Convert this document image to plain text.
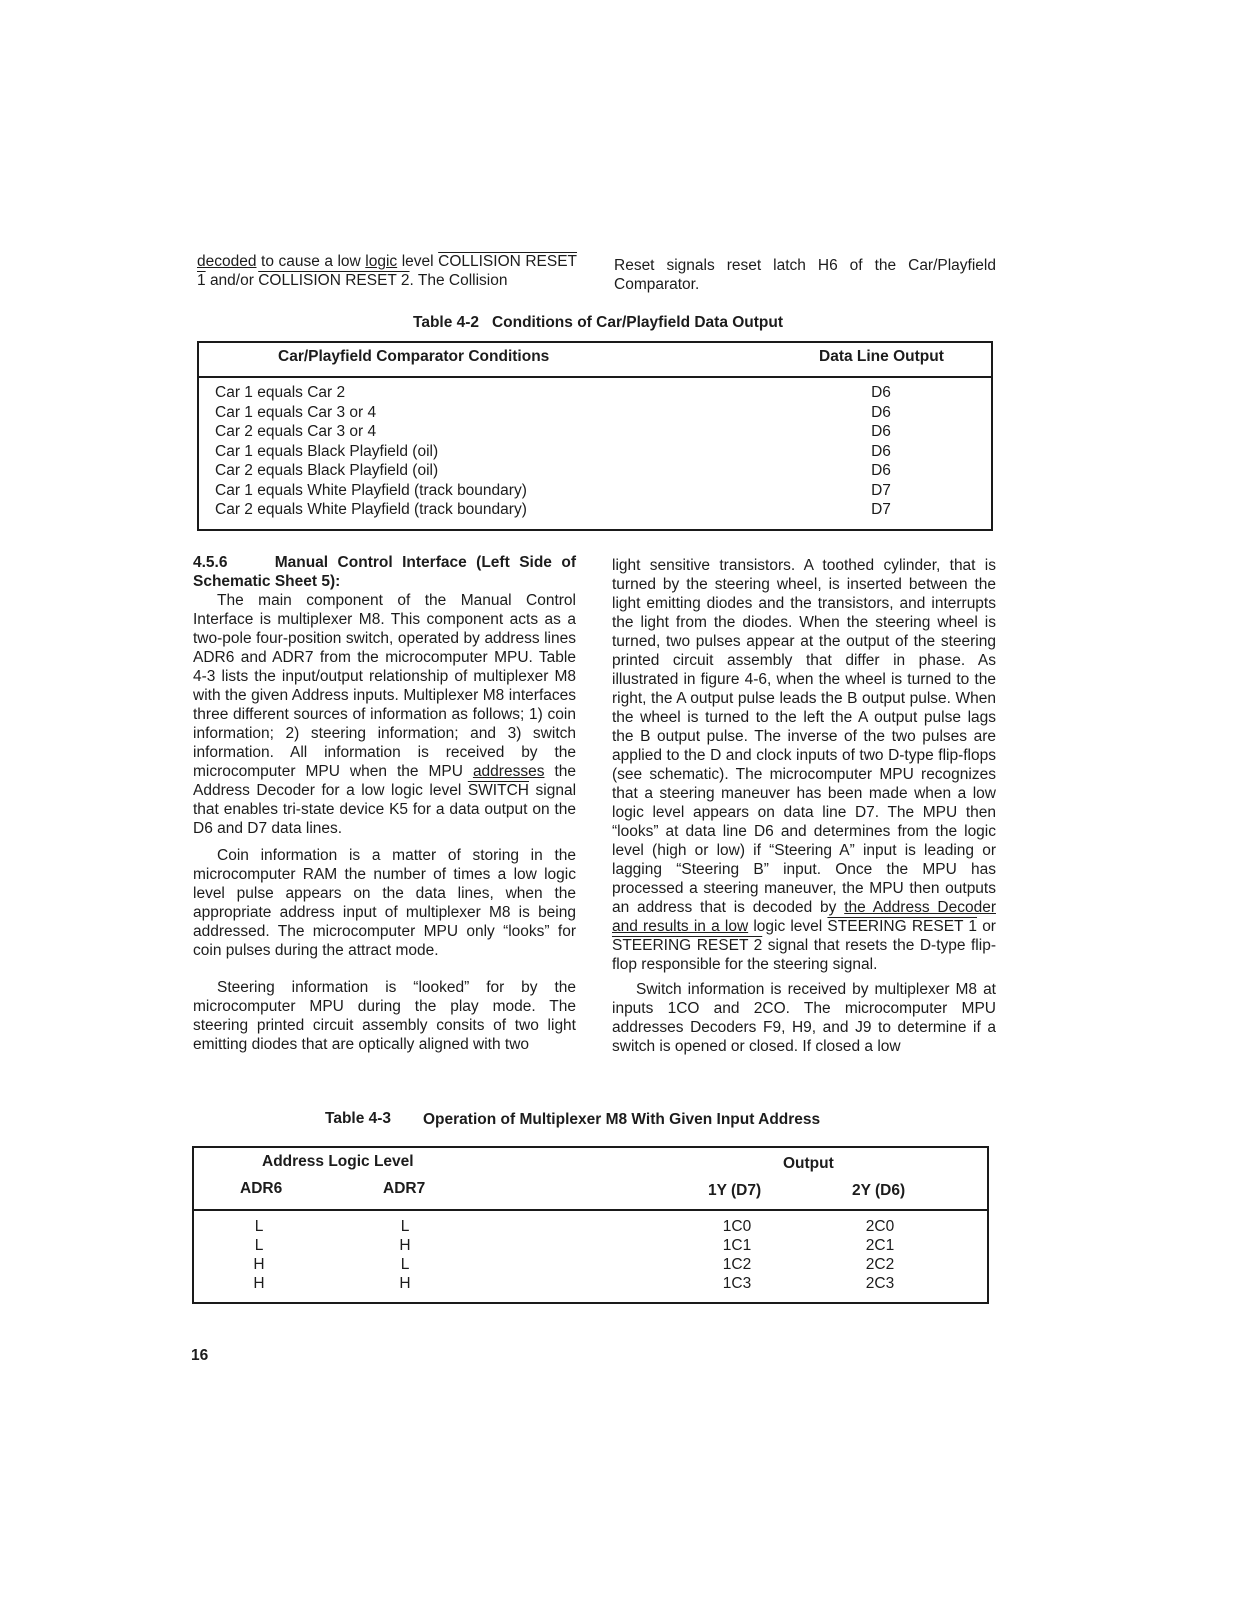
decoded to cause a low logic level COLLISION RESET 1 and/or COLLISION RESET 2. The Collision

Reset signals reset latch H6 of the Car/Playfield Comparator.
Table 4-2   Conditions of Car/Playfield Data Output
Car/Playfield Comparator Conditions	Data Line Output
Car 1 equals Car 2	D6
Car 1 equals Car 3 or 4	D6
Car 2 equals Car 3 or 4	D6
Car 1 equals Black Playfield (oil)	D6
Car 2 equals Black Playfield (oil)	D6
Car 1 equals White Playfield (track boundary)	D7
Car 2 equals White Playfield (track boundary)	D7

4.5.6     Manual Control Interface (Left Side of Schematic Sheet 5):

The main component of the Manual Control Interface is multiplexer M8. This component acts as a two-pole four-position switch, operated by address lines ADR6 and ADR7 from the microcomputer MPU. Table 4-3 lists the input/output relationship of multiplexer M8 with the given Address inputs. Multiplexer M8 interfaces three different sources of information as follows; 1) coin information; 2) steering information; and 3) switch information. All information is received by the microcomputer MPU when the MPU addresses the Address Decoder for a low logic level SWITCH signal that enables tri-state device K5 for a data output on the D6 and D7 data lines.

Coin information is a matter of storing in the microcomputer RAM the number of times a low logic level pulse appears on the data lines, when the appropriate address input of multiplexer M8 is being addressed. The microcomputer MPU only “looks” for coin pulses during the attract mode.

Steering information is “looked” for by the microcomputer MPU during the play mode. The steering printed circuit assembly consits of two light emitting diodes that are optically aligned with two

light sensitive transistors. A toothed cylinder, that is turned by the steering wheel, is inserted between the light emitting diodes and the transistors, and interrupts the light from the diodes. When the steering wheel is turned, two pulses appear at the output of the steering printed circuit assembly that differ in phase. As illustrated in figure 4-6, when the wheel is turned to the right, the A output pulse leads the B output pulse. When the wheel is turned to the left the A output pulse lags the B output pulse. The inverse of the two pulses are applied to the D and clock inputs of two D-type flip-flops (see schematic). The microcomputer MPU recognizes that a steering maneuver has been made when a low logic level appears on data line D7. The MPU then “looks” at data line D6 and determines from the logic level (high or low) if “Steering A” input is leading or lagging “Steering B” input. Once the MPU has processed a steering maneuver, the MPU then outputs an address that is decoded by the Address Decoder and results in a low logic level STEERING RESET 1 or STEERING RESET 2 signal that resets the D-type flip-flop responsible for the steering signal.

Switch information is received by multiplexer M8 at inputs 1CO and 2CO. The microcomputer MPU addresses Decoders F9, H9, and J9 to determine if a switch is opened or closed. If closed a low

Table 4-3 Operation of Multiplexer M8 With Given Input Address
Address Logic Level	Output
ADR6	ADR7	1Y (D7)	2Y (D6)
L	L	1C0	2C0
L	H	1C1	2C1
H	L	1C2	2C2
H	H	1C3	2C3
16
